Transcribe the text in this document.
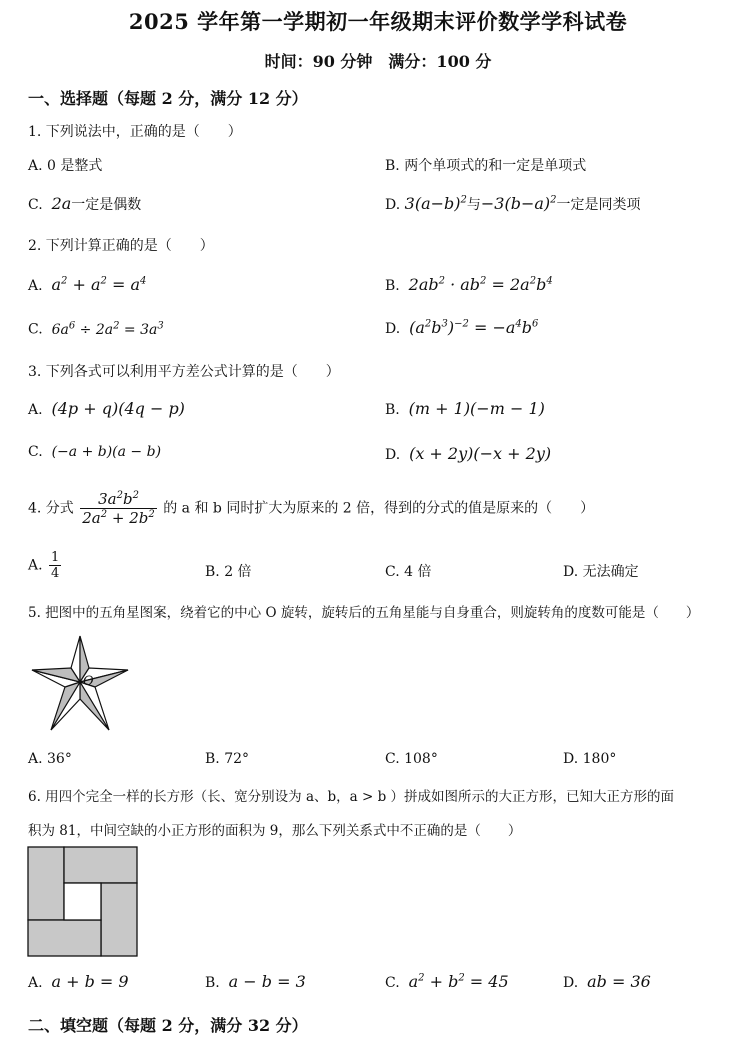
2025 学年第一学期初一年级期末评价数学学科试卷
时间：90 分钟　满分：100 分
一、选择题（每题 2 分，满分 12 分）
1. 下列说法中，正确的是（　　）
A. 0 是整式	B. 两个单项式的和一定是单项式
C. 2a一定是偶数	D. $3(a-b)^2$与$-3(b-a)^2$一定是同类项
2. 下列计算正确的是（　　）
A.  $a^2 + a^2 = a^4$	B.  $2ab^2 \cdot ab^2 = 2a^2b^4$
C.  $6a^6 \div 2a^2 = 3a^3$	D.  $(a^2b^3)^{-2} = -a^4b^6$
3. 下列各式可以利用平方差公式计算的是（　　）
A.  (4p + q)(4q − p)	B.  (m + 1)(−m − 1)
C.  (−a + b)(a − b)	D.  (x + 2y)(−x + 2y)
4. 分式 $\frac{3a^2b^2}{2a^2 + 2b^2}$ 的 a 和 b 同时扩大为原来的 2 倍，得到的分式的值是原来的（　　）
A. $\frac{1}{4}$	B. 2 倍	C. 4 倍	D. 无法确定
5. 把图中的五角星图案，绕着它的中心 O 旋转，旋转后的五角星能与自身重合，则旋转角的度数可能是（　　）
O
A. 36°	B. 72°	C. 108°	D. 180°
6. 用四个完全一样的长方形（长、宽分别设为 a、b，a > b ）拼成如图所示的大正方形，已知大正方形的面
积为 81，中间空缺的小正方形的面积为 9，那么下列关系式中不正确的是（　　）
A.  a + b = 9	B.  a − b = 3	C.  $a^2 + b^2 = 45$	D.  ab = 36
二、填空题（每题 2 分，满分 32 分）
